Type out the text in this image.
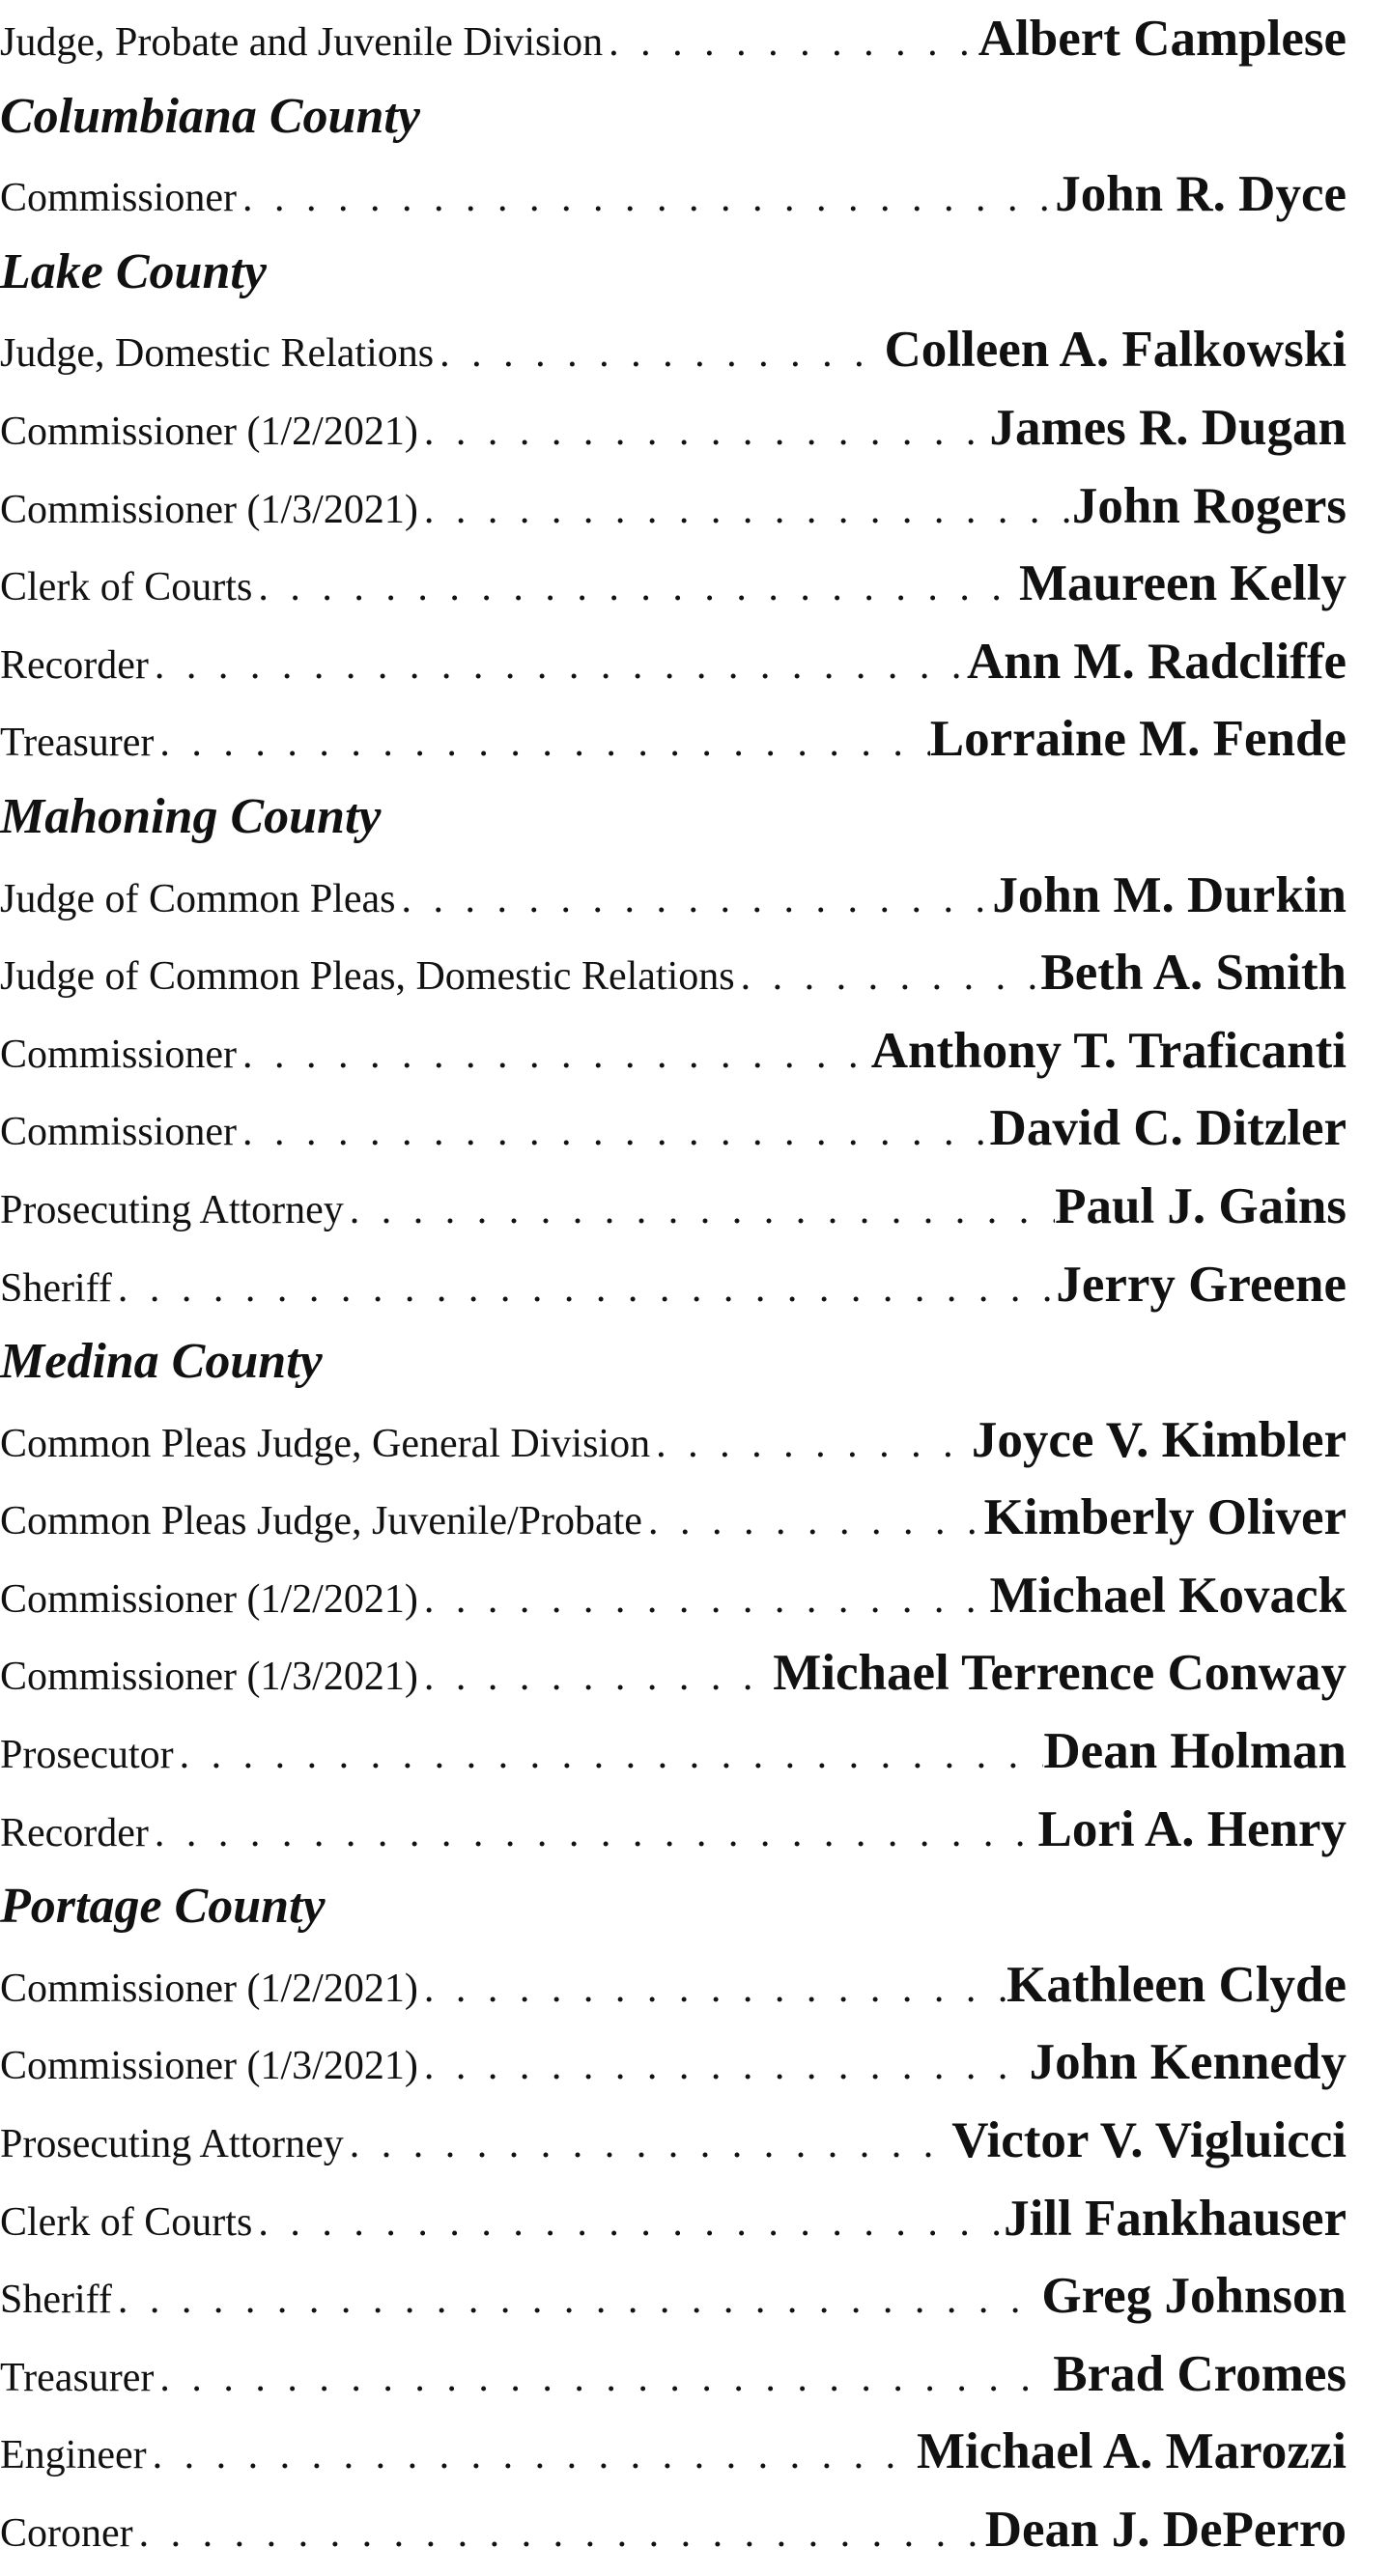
Judge, Probate and Juvenile Division . . .	Albert Camplese
Columbiana County
Commissioner . . .	John R. Dyce
Lake County
Judge, Domestic Relations . . .	Colleen A. Falkowski
Commissioner (1/2/2021) . . .	James R. Dugan
Commissioner (1/3/2021) . . .	John Rogers
Clerk of Courts . . .	Maureen Kelly
Recorder . . .	Ann M. Radcliffe
Treasurer . . .	Lorraine M. Fende
Mahoning County
Judge of Common Pleas . . .	John M. Durkin
Judge of Common Pleas, Domestic Relations . . .	Beth A. Smith
Commissioner . . .	Anthony T. Traficanti
Commissioner . . .	David C. Ditzler
Prosecuting Attorney . . .	Paul J. Gains
Sheriff . . .	Jerry Greene
Medina County
Common Pleas Judge, General Division . . .	Joyce V. Kimbler
Common Pleas Judge, Juvenile/Probate . . .	Kimberly Oliver
Commissioner (1/2/2021) . . .	Michael Kovack
Commissioner (1/3/2021) . . .	Michael Terrence Conway
Prosecutor . . .	Dean Holman
Recorder . . .	Lori A. Henry
Portage County
Commissioner (1/2/2021) . . .	Kathleen Clyde
Commissioner (1/3/2021) . . .	John Kennedy
Prosecuting Attorney . . .	Victor V. Vigluicci
Clerk of Courts . . .	Jill Fankhauser
Sheriff . . .	Greg Johnson
Treasurer . . .	Brad Cromes
Engineer . . .	Michael A. Marozzi
Coroner . . .	Dean J. DePerro
